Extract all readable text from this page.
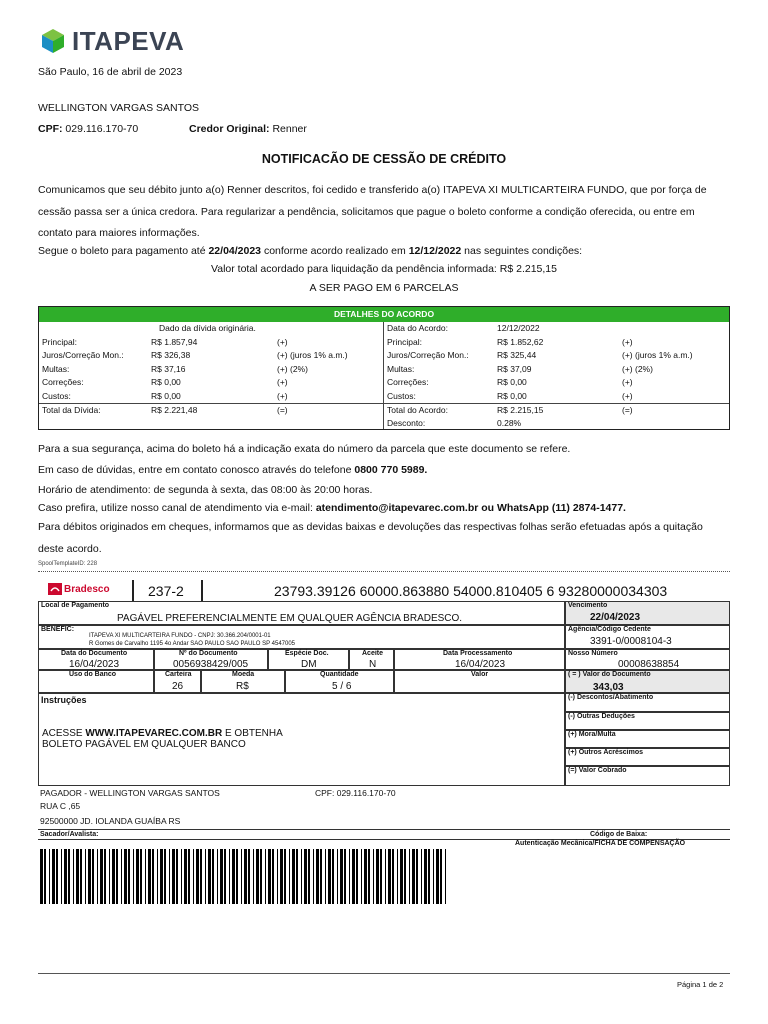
ITAPEVA
São Paulo, 16 de abril de 2023
WELLINGTON VARGAS SANTOS
CPF: 029.116.170-70	Credor Original: Renner
NOTIFICACÃO DE CESSÃO DE CRÉDITO
Comunicamos que seu débito junto a(o) Renner descritos, foi cedido e transferido a(o) ITAPEVA XI MULTICARTEIRA FUNDO, que por força de cessão passa ser a única credora. Para regularizar a pendência, solicitamos que pague o boleto conforme a condição oferecida, ou entre em contato para maiores informações.
Segue o boleto para pagamento até 22/04/2023 conforme acordo realizado em 12/12/2022 nas seguintes condições:
Valor total acordado para liquidação da pendência informada: R$ 2.215,15
A SER PAGO EM 6 PARCELAS
DETALHES DO ACORDO
Dado da dívida originária.
Principal:	R$ 1.857,94	(+)
Juros/Correção Mon.:	R$ 326,38	(+) (juros 1% a.m.)
Multas:	R$ 37,16	(+) (2%)
Correções:	R$ 0,00	(+)
Custos:	R$ 0,00	(+)
Total da Dívida:	R$ 2.221,48	(=)
Data do Acordo:	12/12/2022
Principal:	R$ 1.852,62	(+)
Juros/Correção Mon.:	R$ 325,44	(+) (juros 1% a.m.)
Multas:	R$ 37,09	(+) (2%)
Correções:	R$ 0,00	(+)
Custos:	R$ 0,00	(+)
Total do Acordo:	R$ 2.215,15	(=)
Desconto:	0.28%
Para a sua segurança, acima do boleto há a indicação exata do número da parcela que este documento se refere.
Em caso de dúvidas, entre em contato conosco através do telefone 0800 770 5989.
Horário de atendimento: de segunda à sexta, das 08:00 às 20:00 horas.
Caso prefira, utilize nosso canal de atendimento via e-mail: atendimento@itapevarec.com.br ou WhatsApp (11) 2874-1477.
Para débitos originados em cheques, informamos que as devidas baixas e devoluções das respectivas folhas serão efetuadas após a quitação deste acordo.
SpoolTemplateID: 228
Bradesco	237-2	23793.39126 60000.863880 54000.810405 6 93280000034303
Local de Pagamento
PAGÁVEL PREFERENCIALMENTE EM QUALQUER AGÊNCIA BRADESCO.
Vencimento
22/04/2023
BENEFIC:
ITAPEVA XI MULTICARTEIRA FUNDO - CNPJ: 30.366.204/0001-01
R Gomes de Carvalho 1195 4o Andar SAO PAULO SAO PAULO SP 4547005
Agência/Código Cedente
3391-0/0008104-3
Data do Documento
16/04/2023
Nº do Documento
0056938429/005
Espécie Doc.
DM
Aceite
N
Data Processamento
16/04/2023
Nosso Número
00008638854
Uso do Banco	Carteira
26
Moeda
R$
Quantidade
5 / 6
Valor	( = ) Valor do Documento
343,03
Instruções
ACESSE WWW.ITAPEVAREC.COM.BR E OBTENHA
BOLETO PAGÁVEL EM QUALQUER BANCO
(-) Descontos/Abatimento
(-) Outras Deduções
(+) Mora/Multa
(+) Outros Acréscimos
(=) Valor Cobrado
PAGADOR - WELLINGTON VARGAS SANTOS	CPF: 029.116.170-70
RUA C ,65
92500000 JD. IOLANDA GUAÍBA RS
Sacador/Avalista:	Código de Baixa:
Autenticação Mecânica/FICHA DE COMPENSAÇÃO
Página 1 de 2
